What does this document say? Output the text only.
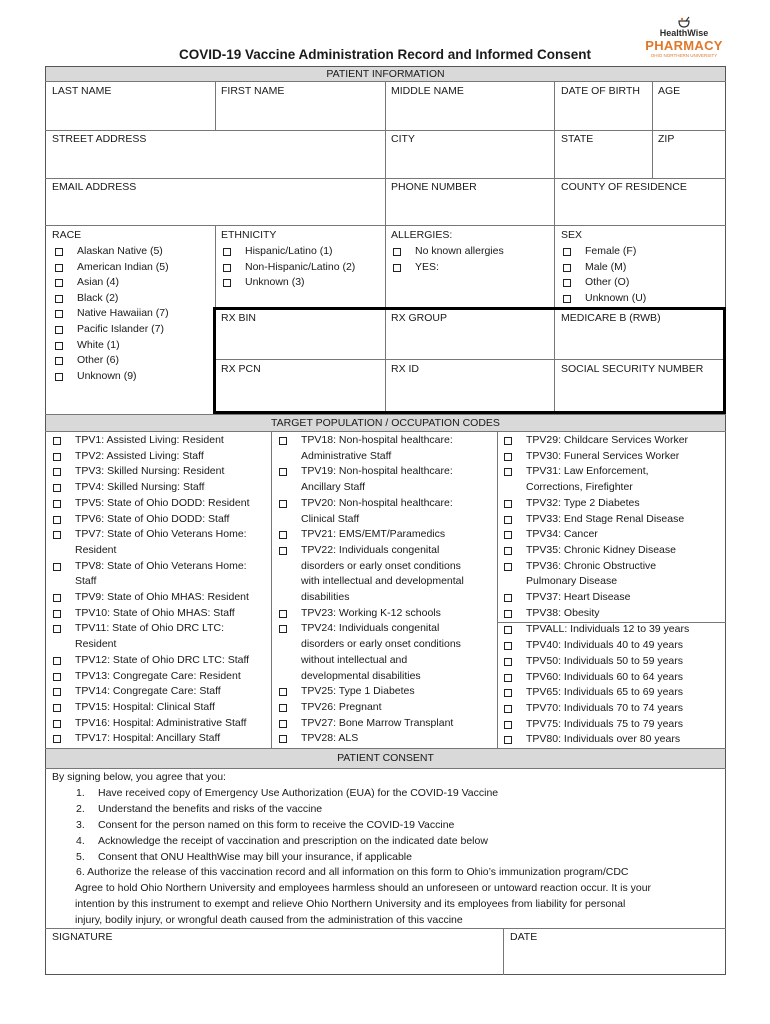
COVID-19 Vaccine Administration Record and Informed Consent
HealthWise
PHARMACY
OHIO NORTHERN UNIVERSITY
PATIENT INFORMATION
LAST NAME	FIRST NAME	MIDDLE NAME	DATE OF BIRTH AGE
STREET ADDRESS	CITY	STATE	ZIP
EMAIL ADDRESS	PHONE NUMBER	COUNTY OF RESIDENCE
RACE
Alaskan Native (5)
American Indian (5)
Asian (4)
Black (2)
Native Hawaiian (7)
Pacific Islander (7)
White (1)
Other (6)
Unknown (9)
ETHNICITY
Hispanic/Latino (1)
Non-Hispanic/Latino (2)
Unknown (3)
ALLERGIES:
No known allergies
YES:
SEX
Female (F)
Male (M)
Other (O)
Unknown (U)
RX BIN	RX GROUP	MEDICARE B (RWB)
RX PCN	RX ID	SOCIAL SECURITY NUMBER
TARGET POPULATION / OCCUPATION CODES
TPV1: Assisted Living: Resident
TPV2: Assisted Living: Staff
TPV3: Skilled Nursing: Resident
TPV4: Skilled Nursing: Staff
TPV5: State of Ohio DODD: Resident
TPV6: State of Ohio DODD: Staff
TPV7: State of Ohio Veterans Home:
Resident
TPV8: State of Ohio Veterans Home:
Staff
TPV9: State of Ohio MHAS: Resident
TPV10: State of Ohio MHAS: Staff
TPV11: State of Ohio DRC LTC:
Resident
TPV12: State of Ohio DRC LTC: Staff
TPV13: Congregate Care: Resident
TPV14: Congregate Care: Staff
TPV15: Hospital: Clinical Staff
TPV16: Hospital: Administrative Staff
TPV17: Hospital: Ancillary Staff
TPV18: Non-hospital healthcare:
Administrative Staff
TPV19: Non-hospital healthcare:
Ancillary Staff
TPV20: Non-hospital healthcare:
Clinical Staff
TPV21: EMS/EMT/Paramedics
TPV22: Individuals congenital
disorders or early onset conditions
with intellectual and developmental
disabilities
TPV23: Working K-12 schools
TPV24: Individuals congenital
disorders or early onset conditions
without intellectual and
developmental disabilities
TPV25: Type 1 Diabetes
TPV26: Pregnant
TPV27: Bone Marrow Transplant
TPV28: ALS
TPV29: Childcare Services Worker
TPV30: Funeral Services Worker
TPV31: Law Enforcement,
Corrections, Firefighter
TPV32: Type 2 Diabetes
TPV33: End Stage Renal Disease
TPV34: Cancer
TPV35: Chronic Kidney Disease
TPV36: Chronic Obstructive
Pulmonary Disease
TPV37: Heart Disease
TPV38: Obesity
TPVALL: Individuals 12 to 39 years
TPV40: Individuals 40 to 49 years
TPV50: Individuals 50 to 59 years
TPV60: Individuals 60 to 64 years
TPV65: Individuals 65 to 69 years
TPV70: Individuals 70 to 74 years
TPV75: Individuals 75 to 79 years
TPV80: Individuals over 80 years
PATIENT CONSENT
By signing below, you agree that you:
1. Have received copy of Emergency Use Authorization (EUA) for the COVID-19 Vaccine
2. Understand the benefits and risks of the vaccine
3. Consent for the person named on this form to receive the COVID-19 Vaccine
4. Acknowledge the receipt of vaccination and prescription on the indicated date below
5. Consent that ONU HealthWise may bill your insurance, if applicable
6. Authorize the release of this vaccination record and all information on this form to Ohio’s immunization program/CDC
Agree to hold Ohio Northern University and employees harmless should an unforeseen or untoward reaction occur. It is your
intention by this instrument to exempt and relieve Ohio Northern University and its employees from liability for personal
injury, bodily injury, or wrongful death caused from the administration of this vaccine
SIGNATURE	DATE
